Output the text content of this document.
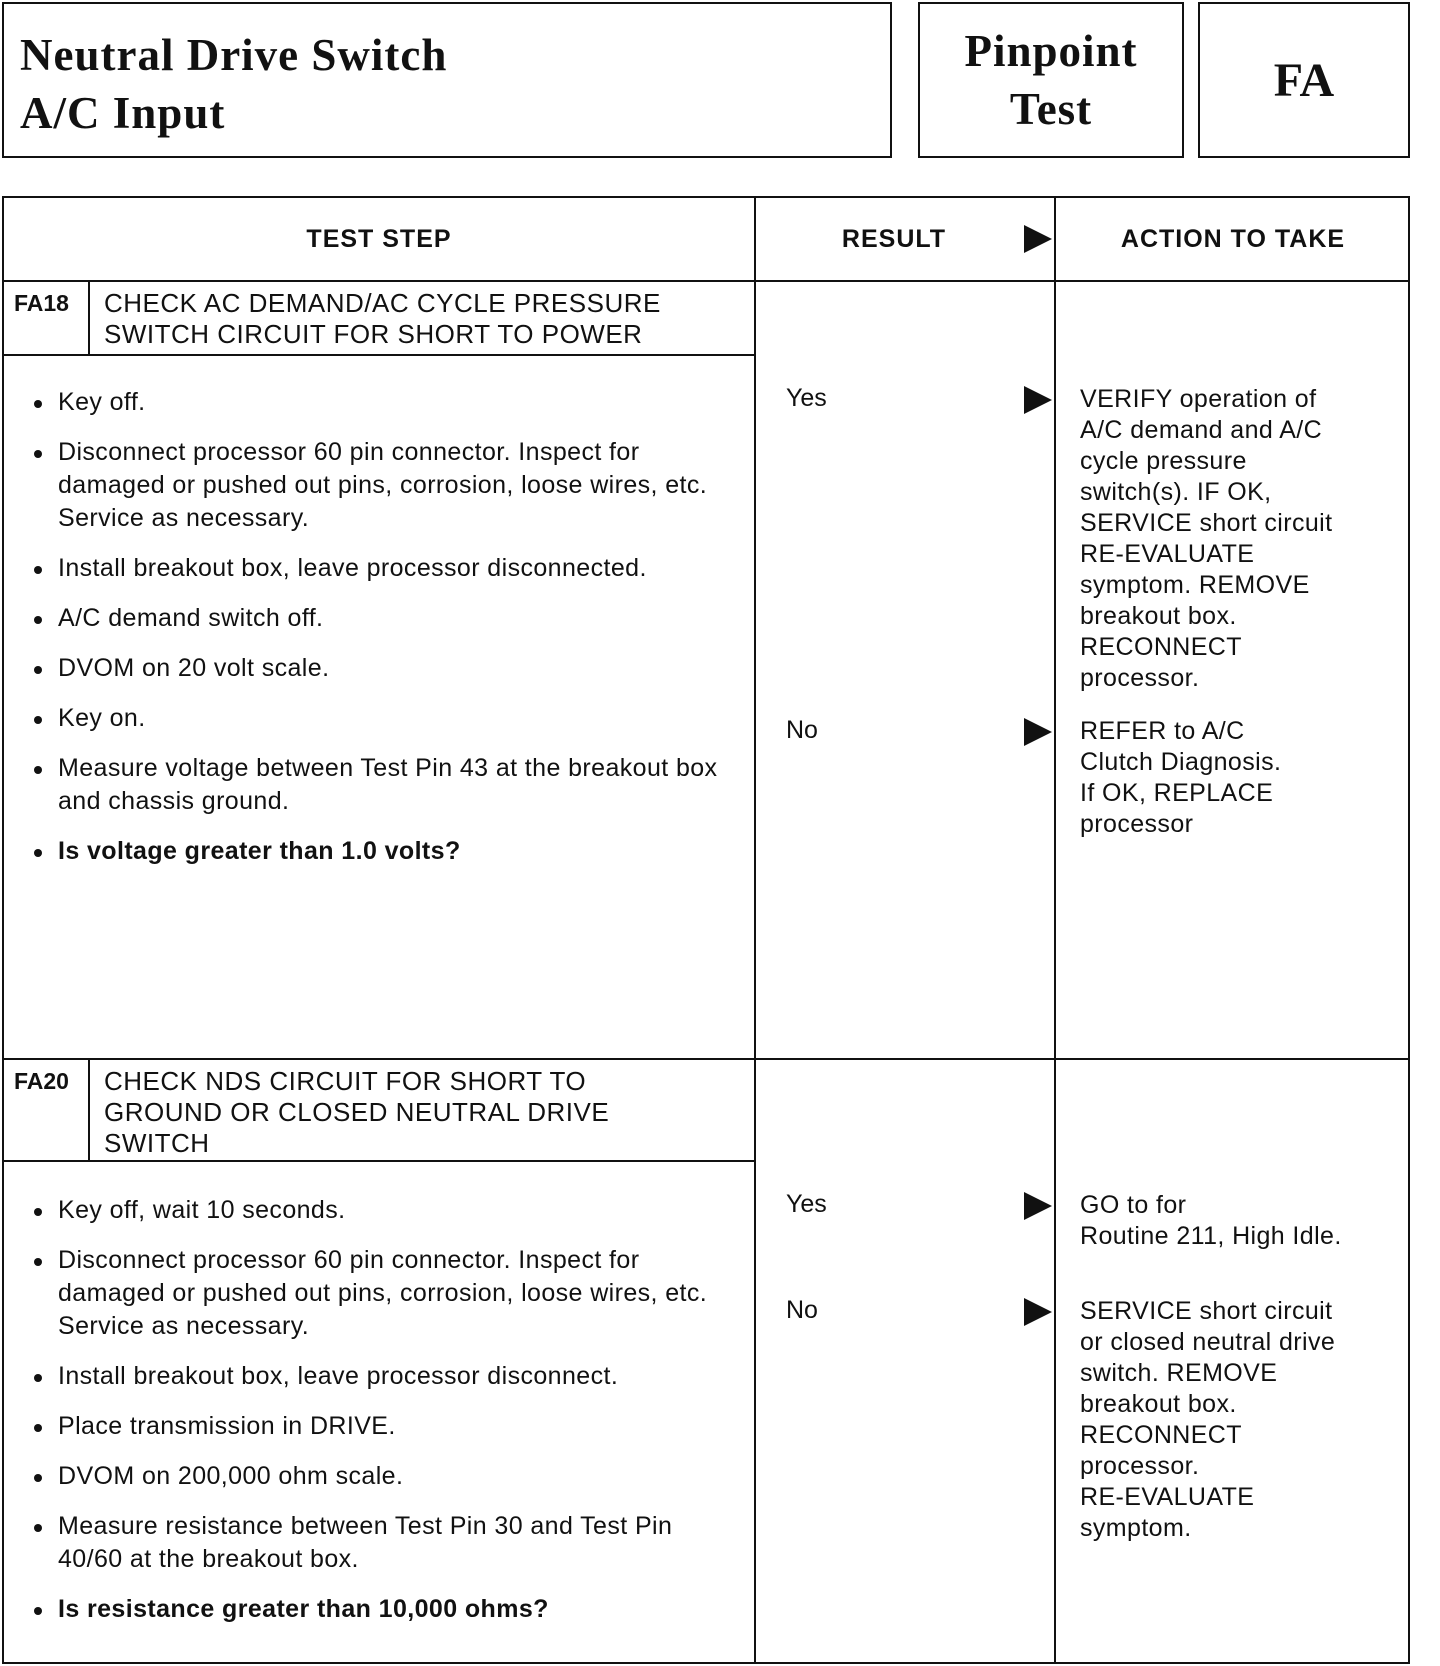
Neutral Drive Switch
A/C Input
Pinpoint
Test
FA
TEST STEP	RESULT	ACTION TO TAKE
FA18 CHECK AC DEMAND/AC CYCLE PRESSURE SWITCH CIRCUIT FOR SHORT TO POWER
Key off.
Disconnect processor 60 pin connector. Inspect for damaged or pushed out pins, corrosion, loose wires, etc. Service as necessary.
Install breakout box, leave processor disconnected.
A/C demand switch off.
DVOM on 20 volt scale.
Key on.
Measure voltage between Test Pin 43 at the breakout box and chassis ground.
Is voltage greater than 1.0 volts?
Yes	VERIFY operation of
A/C demand and A/C
cycle pressure
switch(s). IF OK,
SERVICE short circuit
RE-EVALUATE
symptom. REMOVE
breakout box.
RECONNECT
processor.
No	REFER to A/C
Clutch Diagnosis.
If OK, REPLACE
processor
FA20 CHECK NDS CIRCUIT FOR SHORT TO GROUND OR CLOSED NEUTRAL DRIVE SWITCH
Key off, wait 10 seconds.
Disconnect processor 60 pin connector. Inspect for damaged or pushed out pins, corrosion, loose wires, etc. Service as necessary.
Install breakout box, leave processor disconnect.
Place transmission in DRIVE.
DVOM on 200,000 ohm scale.
Measure resistance between Test Pin 30 and Test Pin 40/60 at the breakout box.
Is resistance greater than 10,000 ohms?
Yes	GO to for
Routine 211, High Idle.
No	SERVICE short circuit
or closed neutral drive
switch. REMOVE
breakout box.
RECONNECT
processor.
RE-EVALUATE
symptom.
